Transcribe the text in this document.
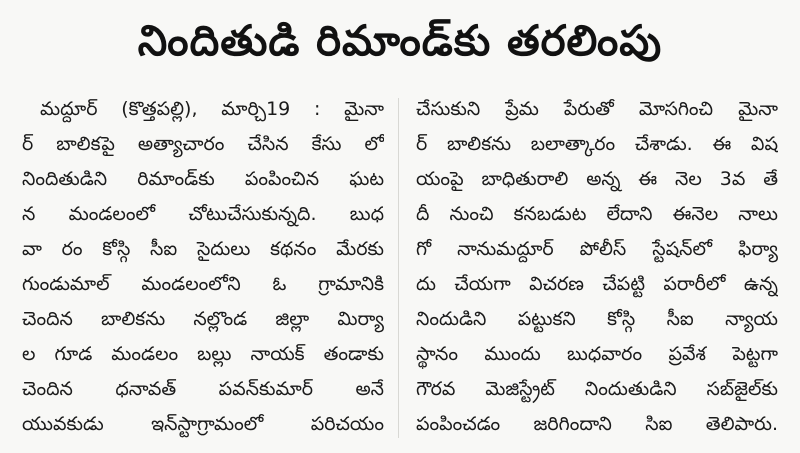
నిందితుడి రిమాండ్‌కు తరలింపు
మద్దూర్ (కొత్తపల్లి), మార్చి19 : మైనా
ర్ బాలికపై అత్యాచారం చేసిన కేసు లో
నిందితుడిని రిమాండ్‌కు పంపించిన ఘట
న మండలంలో చోటుచేసుకున్నది. బుధ
వా రం కోస్గి సీఐ సైదులు కథనం మేరకు
గుండుమాల్ మండలంలోని ఓ గ్రామానికి
చెందిన బాలికను నల్లొండ జిల్లా మిర్యా
ల గూడ మండలం బల్లు నాయక్ తండాకు
చెందిన ధనావత్ పవన్‌కుమార్ అనే
యువకుడు ఇన్‌స్టాగ్రామంలో పరిచయం
చేసుకుని ప్రేమ పేరుతో మోసగించి మైనా
ర్ బాలికను బలాత్కారం చేశాడు. ఈ విష
యంపై బాధితురాలి అన్న ఈ నెల 3వ తే
దీ నుంచి కనబడుట లేదాని ఈనెల నాలు
గో నానుమద్దూర్ పోలీస్ స్టేషన్‌లో ఫిర్యా
దు చేయగా విచరణ చేపట్టి పరారీలో ఉన్న
నిందుడిని పట్టుకని కోస్గి సీఐ న్యాయ
స్థానం ముందు బుధవారం ప్రవేశ పెట్టగా
గౌరవ మెజిస్ట్రేట్ నిందుతుడిని సబ్‌జైల్‌కు
పంపించడం జరిగిందాని సిఐ తెలిపారు.
